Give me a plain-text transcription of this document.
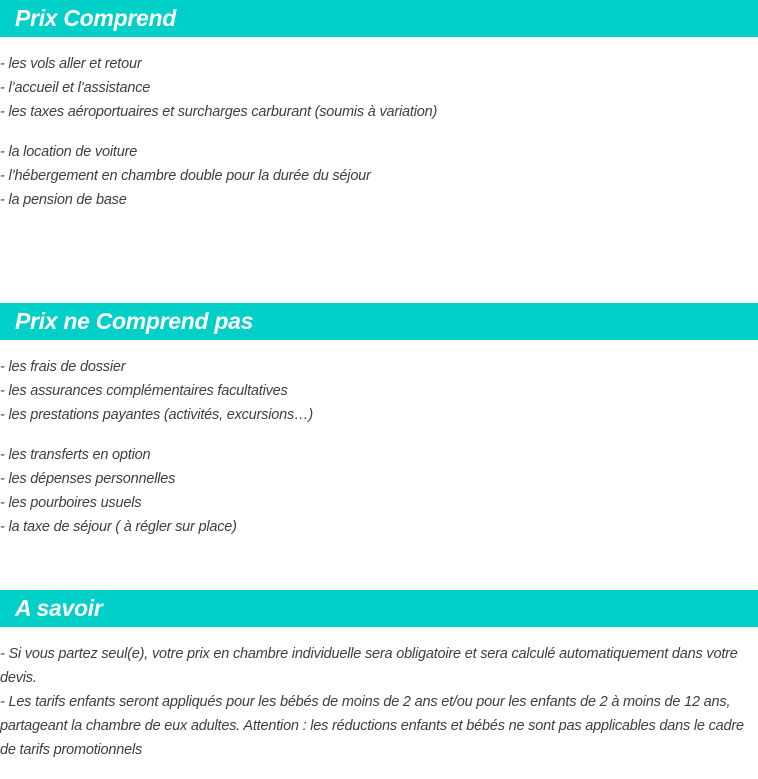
Prix Comprend
- les vols aller et retour
- l’accueil et l’assistance
- les taxes aéroportuaires et surcharges carburant (soumis à variation)
- la location de voiture
- l’hébergement en chambre double pour la durée du séjour
- la pension de base
Prix ne Comprend pas
- les frais de dossier
- les assurances complémentaires facultatives
- les prestations payantes (activités, excursions…)
- les transferts en option
- les dépenses personnelles
- les pourboires usuels
- la taxe de séjour ( à régler sur place)
A savoir

- Si vous partez seul(e), votre prix en chambre individuelle sera obligatoire et sera calculé automatiquement dans votre devis.

- Les tarifs enfants seront appliqués pour les bébés de moins de 2 ans et/ou pour les enfants de 2 à moins de 12 ans, partageant la chambre de eux adultes. Attention : les réductions enfants et bébés ne sont pas applicables dans le cadre de tarifs promotionnels
